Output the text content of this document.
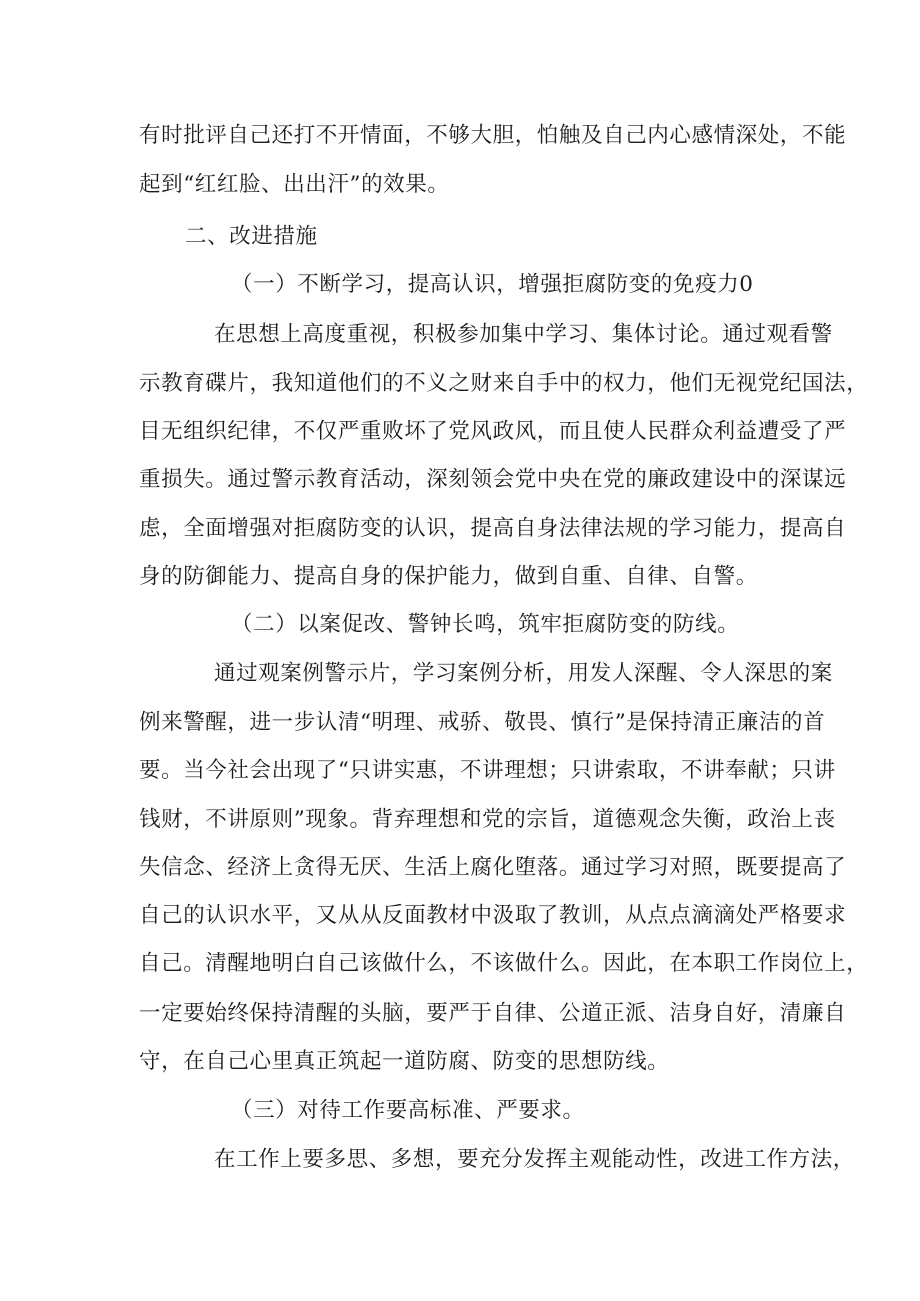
有时批评自己还打不开情面，不够大胆，怕触及自己内心感情深处，不能
起到“红红脸、出出汗”的效果。
二、改进措施
（一）不断学习，提高认识，增强拒腐防变的免疫力0
在思想上高度重视，积极参加集中学习、集体讨论。通过观看警
示教育碟片，我知道他们的不义之财来自手中的权力，他们无视党纪国法，
目无组织纪律，不仅严重败坏了党风政风，而且使人民群众利益遭受了严
重损失。通过警示教育活动，深刻领会党中央在党的廉政建设中的深谋远
虑，全面增强对拒腐防变的认识，提高自身法律法规的学习能力，提高自
身的防御能力、提高自身的保护能力，做到自重、自律、自警。
（二）以案促改、警钟长鸣，筑牢拒腐防变的防线。
通过观案例警示片，学习案例分析，用发人深醒、令人深思的案
例来警醒，进一步认清“明理、戒骄、敬畏、慎行”是保持清正廉洁的首
要。当今社会出现了“只讲实惠，不讲理想；只讲索取，不讲奉献；只讲
钱财，不讲原则”现象。背弃理想和党的宗旨，道德观念失衡，政治上丧
失信念、经济上贪得无厌、生活上腐化堕落。通过学习对照，既要提高了
自己的认识水平，又从从反面教材中汲取了教训，从点点滴滴处严格要求
自己。清醒地明白自己该做什么，不该做什么。因此，在本职工作岗位上，
一定要始终保持清醒的头脑，要严于自律、公道正派、洁身自好，清廉自
守，在自己心里真正筑起一道防腐、防变的思想防线。
（三）对待工作要高标准、严要求。
在工作上要多思、多想，要充分发挥主观能动性，改进工作方法，
